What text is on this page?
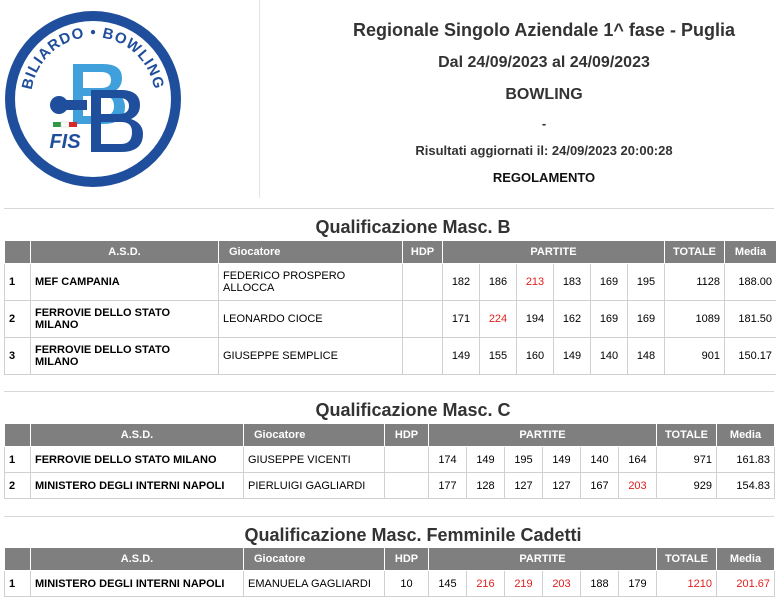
BILIARDO • BOWLING
FIS
Regionale Singolo Aziendale 1^ fase - Puglia
Dal 24/09/2023 al 24/09/2023
BOWLING
-
Risultati aggiornati il: 24/09/2023 20:00:28
REGOLAMENTO
Qualificazione Masc. B
	A.S.D.	Giocatore	HDP	PARTITE						TOTALE	Media
1	MEF CAMPANIA	FEDERICO PROSPERO ALLOCCA		182	186	213	183	169	195	1128	188.00
2	FERROVIE DELLO STATO MILANO	LEONARDO CIOCE		171	224	194	162	169	169	1089	181.50
3	FERROVIE DELLO STATO MILANO	GIUSEPPE SEMPLICE		149	155	160	149	140	148	901	150.17
Qualificazione Masc. C
	A.S.D.	Giocatore	HDP	PARTITE						TOTALE	Media
1	FERROVIE DELLO STATO MILANO	GIUSEPPE VICENTI		174	149	195	149	140	164	971	161.83
2	MINISTERO DEGLI INTERNI NAPOLI	PIERLUIGI GAGLIARDI		177	128	127	127	167	203	929	154.83
Qualificazione Masc. Femminile Cadetti
	A.S.D.	Giocatore	HDP	PARTITE						TOTALE	Media
1	MINISTERO DEGLI INTERNI NAPOLI	EMANUELA GAGLIARDI	10	145	216	219	203	188	179	1210	201.67
